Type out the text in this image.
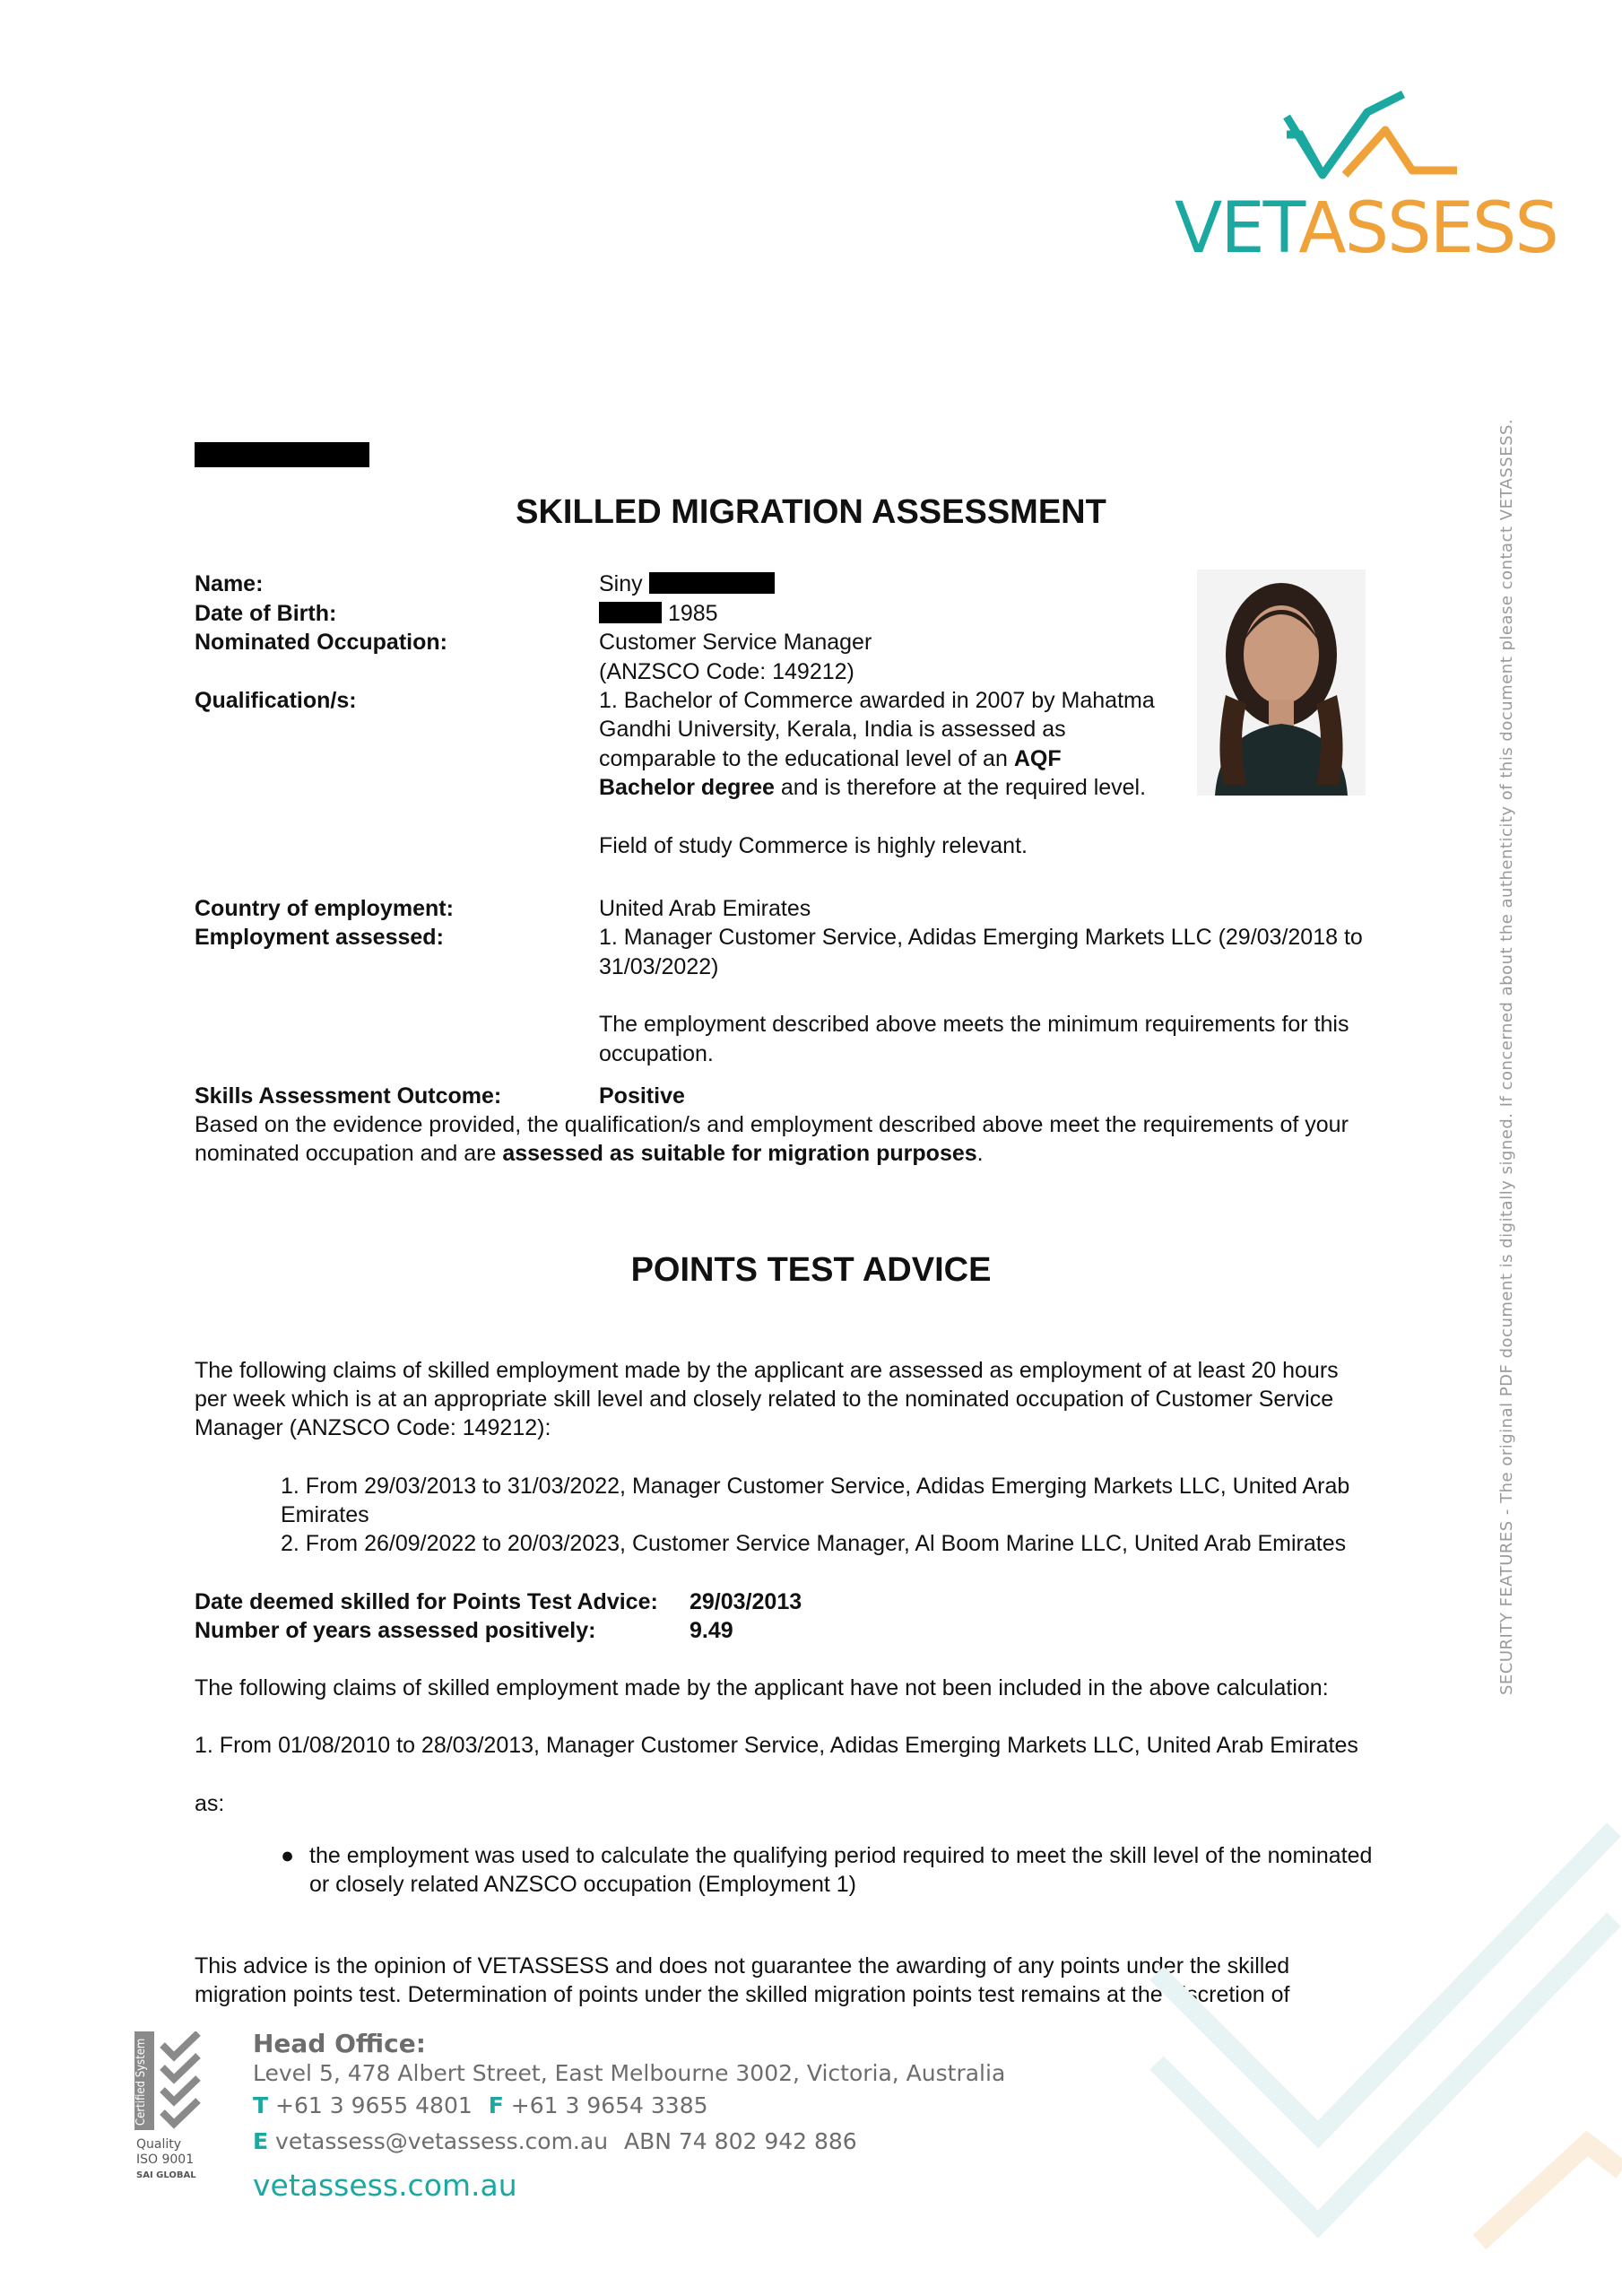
VETASSESS
SKILLED MIGRATION ASSESSMENT
Name:	Siny
Date of Birth:	1985
Nominated Occupation:	Customer Service Manager
(ANZSCO Code: 149212)
Qualification/s:	1. Bachelor of Commerce awarded in 2007 by Mahatma
Gandhi University, Kerala, India is assessed as
comparable to the educational level of an AQF
Bachelor degree and is therefore at the required level.
Field of study Commerce is highly relevant.
Country of employment:	United Arab Emirates
Employment assessed:	1. Manager Customer Service, Adidas Emerging Markets LLC (29/03/2018 to
31/03/2022)
The employment described above meets the minimum requirements for this
occupation.
Skills Assessment Outcome:	Positive
Based on the evidence provided, the qualification/s and employment described above meet the requirements of your
nominated occupation and are assessed as suitable for migration purposes.
POINTS TEST ADVICE
The following claims of skilled employment made by the applicant are assessed as employment of at least 20 hours
per week which is at an appropriate skill level and closely related to the nominated occupation of Customer Service
Manager (ANZSCO Code: 149212):
1. From 29/03/2013 to 31/03/2022, Manager Customer Service, Adidas Emerging Markets LLC, United Arab
Emirates
2. From 26/09/2022 to 20/03/2023, Customer Service Manager, Al Boom Marine LLC, United Arab Emirates
Date deemed skilled for Points Test Advice: 29/03/2013
Number of years assessed positively:	9.49
The following claims of skilled employment made by the applicant have not been included in the above calculation:
1. From 01/08/2010 to 28/03/2013, Manager Customer Service, Adidas Emerging Markets LLC, United Arab Emirates
as:
● the employment was used to calculate the qualifying period required to meet the skill level of the nominated
or closely related ANZSCO occupation (Employment 1)
This advice is the opinion of VETASSESS and does not guarantee the awarding of any points under the skilled
migration points test. Determination of points under the skilled migration points test remains at the discretion of
SECURITY FEATURES - The original PDF document is digitally signed. If concerned about the authenticity of this document please contact VETASSESS.
Certified System
Quality
ISO 9001
SAI GLOBAL
Head Office:
Level 5, 478 Albert Street, East Melbourne 3002, Victoria, Australia
T +61 3 9655 4801 F +61 3 9654 3385
E vetassess@vetassess.com.au ABN 74 802 942 886
vetassess.com.au
